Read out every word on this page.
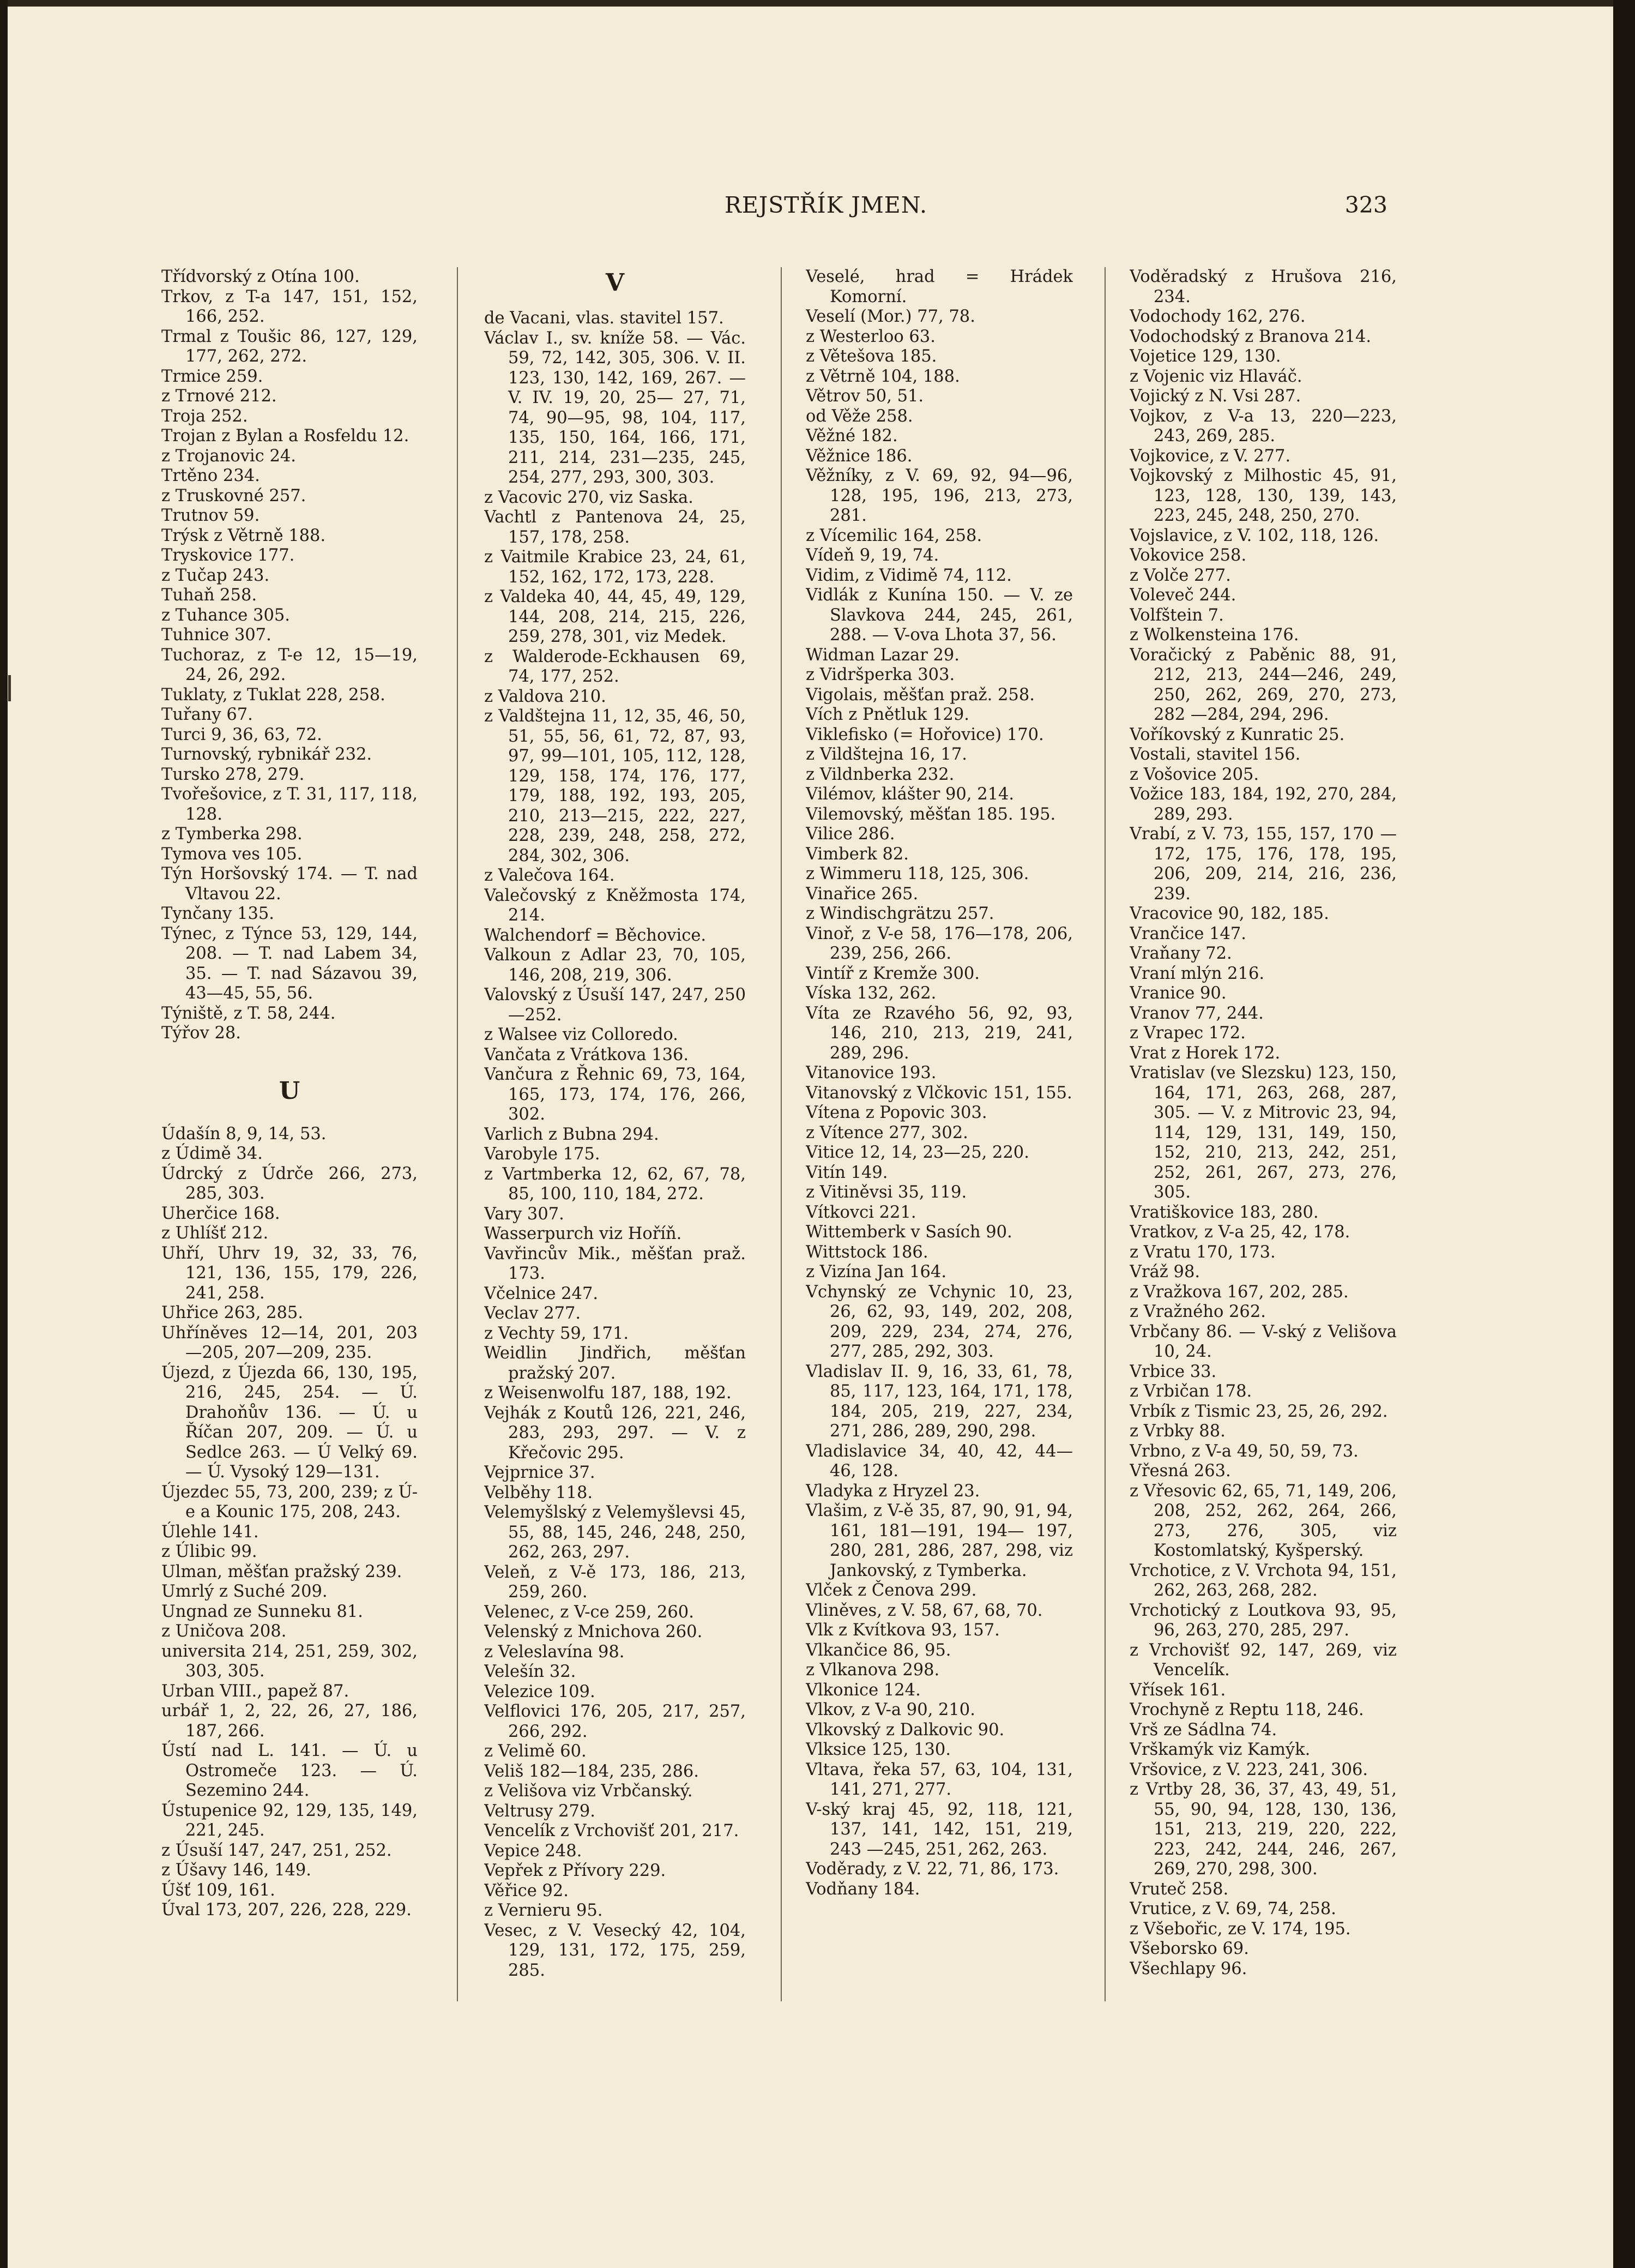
REJSTŘÍK JMEN.	323

Třídvorský z Otína 100.

Trkov, z T-a 147, 151, 152, 166, 252.

Trmal z Toušic 86, 127, 129, 177, 262, 272.

Trmice 259.

z Trnové 212.

Troja 252.

Trojan z Bylan a Rosfeldu 12.

z Trojanovic 24.

Trtěno 234.

z Truskovné 257.

Trutnov 59.

Trýsk z Větrně 188.

Tryskovice 177.

z Tučap 243.

Tuhaň 258.

z Tuhance 305.

Tuhnice 307.

Tuchoraz, z T-e 12, 15—19, 24, 26, 292.

Tuklaty, z Tuklat 228, 258.

Tuřany 67.

Turci 9, 36, 63, 72.

Turnovský, rybnikář 232.

Tursko 278, 279.

Tvořešovice, z T. 31, 117, 118, 128.

z Tymberka 298.

Tymova ves 105.

Týn Horšovský 174. — T. nad Vltavou 22.

Tynčany 135.

Týnec, z Týnce 53, 129, 144, 208. — T. nad Labem 34, 35. — T. nad Sázavou 39, 43—45, 55, 56.

Týniště, z T. 58, 244.

Týřov 28.

U

Údašín 8, 9, 14, 53.

z Údimě 34.

Údrcký z Údrče 266, 273, 285, 303.

Uherčice 168.

z Uhlíšť 212.

Uhří, Uhrv 19, 32, 33, 76, 121, 136, 155, 179, 226, 241, 258.

Uhřice 263, 285.

Uhříněves 12—14, 201, 203 —205, 207—209, 235.

Újezd, z Újezda 66, 130, 195, 216, 245, 254. — Ú. Drahoňův 136. — Ú. u Říčan 207, 209. — Ú. u Sedlce 263. — Ú Velký 69. — Ú. Vysoký 129—131.

Újezdec 55, 73, 200, 239; z Ú-e a Kounic 175, 208, 243.

Úlehle 141.

z Úlibic 99.

Ulman, měšťan pražský 239.

Umrlý z Suché 209.

Ungnad ze Sunneku 81.

z Uničova 208.

universita 214, 251, 259, 302, 303, 305.

Urban VIII., papež 87.

urbář 1, 2, 22, 26, 27, 186, 187, 266.

Ústí nad L. 141. — Ú. u Ostromeče 123. — Ú. Sezemino 244.

Ústupenice 92, 129, 135, 149, 221, 245.

z Úsuší 147, 247, 251, 252.

z Úšavy 146, 149.

Úšť 109, 161.

Úval 173, 207, 226, 228, 229.

V

de Vacani, vlas. stavitel 157.

Václav I., sv. kníže 58. — Vác. 59, 72, 142, 305, 306. V. II. 123, 130, 142, 169, 267. — V. IV. 19, 20, 25— 27, 71, 74, 90—95, 98, 104, 117, 135, 150, 164, 166, 171, 211, 214, 231—235, 245, 254, 277, 293, 300, 303.

z Vacovic 270, viz Saska.

Vachtl z Pantenova 24, 25, 157, 178, 258.

z Vaitmile Krabice 23, 24, 61, 152, 162, 172, 173, 228.

z Valdeka 40, 44, 45, 49, 129, 144, 208, 214, 215, 226, 259, 278, 301, viz Medek.

z Walderode-Eckhausen 69, 74, 177, 252.

z Valdova 210.

z Valdštejna 11, 12, 35, 46, 50, 51, 55, 56, 61, 72, 87, 93, 97, 99—101, 105, 112, 128, 129, 158, 174, 176, 177, 179, 188, 192, 193, 205, 210, 213—215, 222, 227, 228, 239, 248, 258, 272, 284, 302, 306.

z Valečova 164.

Valečovský z Kněžmosta 174, 214.

Walchendorf = Běchovice.

Valkoun z Adlar 23, 70, 105, 146, 208, 219, 306.

Valovský z Úsuší 147, 247, 250—252.

z Walsee viz Colloredo.

Vančata z Vrátkova 136.

Vančura z Řehnic 69, 73, 164, 165, 173, 174, 176, 266, 302.

Varlich z Bubna 294.

Varobyle 175.

z Vartmberka 12, 62, 67, 78, 85, 100, 110, 184, 272.

Vary 307.

Wasserpurch viz Hoříň.

Vavřincův Mik., měšťan praž. 173.

Včelnice 247.

Veclav 277.

z Vechty 59, 171.

Weidlin Jindřich, měšťan pražský 207.

z Weisenwolfu 187, 188, 192.

Vejhák z Koutů 126, 221, 246, 283, 293, 297. — V. z Křečovic 295.

Vejprnice 37.

Velběhy 118.

Velemyšlský z Velemyšlevsi 45, 55, 88, 145, 246, 248, 250, 262, 263, 297.

Veleň, z V-ě 173, 186, 213, 259, 260.

Velenec, z V-ce 259, 260.

Velenský z Mnichova 260.

z Veleslavína 98.

Velešín 32.

Velezice 109.

Velflovici 176, 205, 217, 257, 266, 292.

z Velimě 60.

Veliš 182—184, 235, 286.

z Velišova viz Vrbčanský.

Veltrusy 279.

Vencelík z Vrchovišť 201, 217.

Vepice 248.

Vepřek z Přívory 229.

Věřice 92.

z Vernieru 95.

Vesec, z V. Vesecký 42, 104, 129, 131, 172, 175, 259, 285.

Veselé, hrad = Hrádek Komorní.

Veselí (Mor.) 77, 78.

z Westerloo 63.

z Větešova 185.

z Větrně 104, 188.

Větrov 50, 51.

od Věže 258.

Věžné 182.

Věžnice 186.

Věžníky, z V. 69, 92, 94—96, 128, 195, 196, 213, 273, 281.

z Vícemilic 164, 258.

Vídeň 9, 19, 74.

Vidim, z Vidimě 74, 112.

Vidlák z Kunína 150. — V. ze Slavkova 244, 245, 261, 288. — V-ova Lhota 37, 56.

Widman Lazar 29.

z Vidršperka 303.

Vigolais, měšťan praž. 258.

Vích z Pnětluk 129.

Viklefisko (= Hořovice) 170.

z Vildštejna 16, 17.

z Vildnberka 232.

Vilémov, klášter 90, 214.

Vilemovský, měšťan 185. 195.

Vilice 286.

Vimberk 82.

z Wimmeru 118, 125, 306.

Vinařice 265.

z Windischgrätzu 257.

Vinoř, z V-e 58, 176—178, 206, 239, 256, 266.

Vintíř z Kremže 300.

Víska 132, 262.

Víta ze Rzavého 56, 92, 93, 146, 210, 213, 219, 241, 289, 296.

Vitanovice 193.

Vitanovský z Vlčkovic 151, 155.

Vítena z Popovic 303.

z Vítence 277, 302.

Vitice 12, 14, 23—25, 220.

Vitín 149.

z Vitiněvsi 35, 119.

Vítkovci 221.

Wittemberk v Sasích 90.

Wittstock 186.

z Vizína Jan 164.

Vchynský ze Vchynic 10, 23, 26, 62, 93, 149, 202, 208, 209, 229, 234, 274, 276, 277, 285, 292, 303.

Vladislav II. 9, 16, 33, 61, 78, 85, 117, 123, 164, 171, 178, 184, 205, 219, 227, 234, 271, 286, 289, 290, 298.

Vladislavice 34, 40, 42, 44— 46, 128.

Vladyka z Hryzel 23.

Vlašim, z V-ě 35, 87, 90, 91, 94, 161, 181—191, 194— 197, 280, 281, 286, 287, 298, viz Jankovský, z Tymberka.

Vlček z Čenova 299.

Vliněves, z V. 58, 67, 68, 70.

Vlk z Kvítkova 93, 157.

Vlkančice 86, 95.

z Vlkanova 298.

Vlkonice 124.

Vlkov, z V-a 90, 210.

Vlkovský z Dalkovic 90.

Vlksice 125, 130.

Vltava, řeka 57, 63, 104, 131, 141, 271, 277.

V-ský kraj 45, 92, 118, 121, 137, 141, 142, 151, 219, 243 —245, 251, 262, 263.

Voděrady, z V. 22, 71, 86, 173.

Vodňany 184.

Voděradský z Hrušova 216, 234.

Vodochody 162, 276.

Vodochodský z Branova 214.

Vojetice 129, 130.

z Vojenic viz Hlaváč.

Vojický z N. Vsi 287.

Vojkov, z V-a 13, 220—223, 243, 269, 285.

Vojkovice, z V. 277.

Vojkovský z Milhostic 45, 91, 123, 128, 130, 139, 143, 223, 245, 248, 250, 270.

Vojslavice, z V. 102, 118, 126.

Vokovice 258.

z Volče 277.

Voleveč 244.

Volfštein 7.

z Wolkensteina 176.

Voračický z Paběnic 88, 91, 212, 213, 244—246, 249, 250, 262, 269, 270, 273, 282 —284, 294, 296.

Voříkovský z Kunratic 25.

Vostali, stavitel 156.

z Vošovice 205.

Vožice 183, 184, 192, 270, 284, 289, 293.

Vrabí, z V. 73, 155, 157, 170 —172, 175, 176, 178, 195, 206, 209, 214, 216, 236, 239.

Vracovice 90, 182, 185.

Vrančice 147.

Vraňany 72.

Vraní mlýn 216.

Vranice 90.

Vranov 77, 244.

z Vrapec 172.

Vrat z Horek 172.

Vratislav (ve Slezsku) 123, 150, 164, 171, 263, 268, 287, 305. — V. z Mitrovic 23, 94, 114, 129, 131, 149, 150, 152, 210, 213, 242, 251, 252, 261, 267, 273, 276, 305.

Vratiškovice 183, 280.

Vratkov, z V-a 25, 42, 178.

z Vratu 170, 173.

Vráž 98.

z Vražkova 167, 202, 285.

z Vražného 262.

Vrbčany 86. — V-ský z Velišova 10, 24.

Vrbice 33.

z Vrbičan 178.

Vrbík z Tismic 23, 25, 26, 292.

z Vrbky 88.

Vrbno, z V-a 49, 50, 59, 73.

Vřesná 263.

z Vřesovic 62, 65, 71, 149, 206, 208, 252, 262, 264, 266, 273, 276, 305, viz Kostomlatský, Kyšperský.

Vrchotice, z V. Vrchota 94, 151, 262, 263, 268, 282.

Vrchotický z Loutkova 93, 95, 96, 263, 270, 285, 297.

z Vrchovišť 92, 147, 269, viz Vencelík.

Vřísek 161.

Vrochyně z Reptu 118, 246.

Vrš ze Sádlna 74.

Vrškamýk viz Kamýk.

Vršovice, z V. 223, 241, 306.

z Vrtby 28, 36, 37, 43, 49, 51, 55, 90, 94, 128, 130, 136, 151, 213, 219, 220, 222, 223, 242, 244, 246, 267, 269, 270, 298, 300.

Vruteč 258.

Vrutice, z V. 69, 74, 258.

z Všebořic, ze V. 174, 195.

Všeborsko 69.

Všechlapy 96.
